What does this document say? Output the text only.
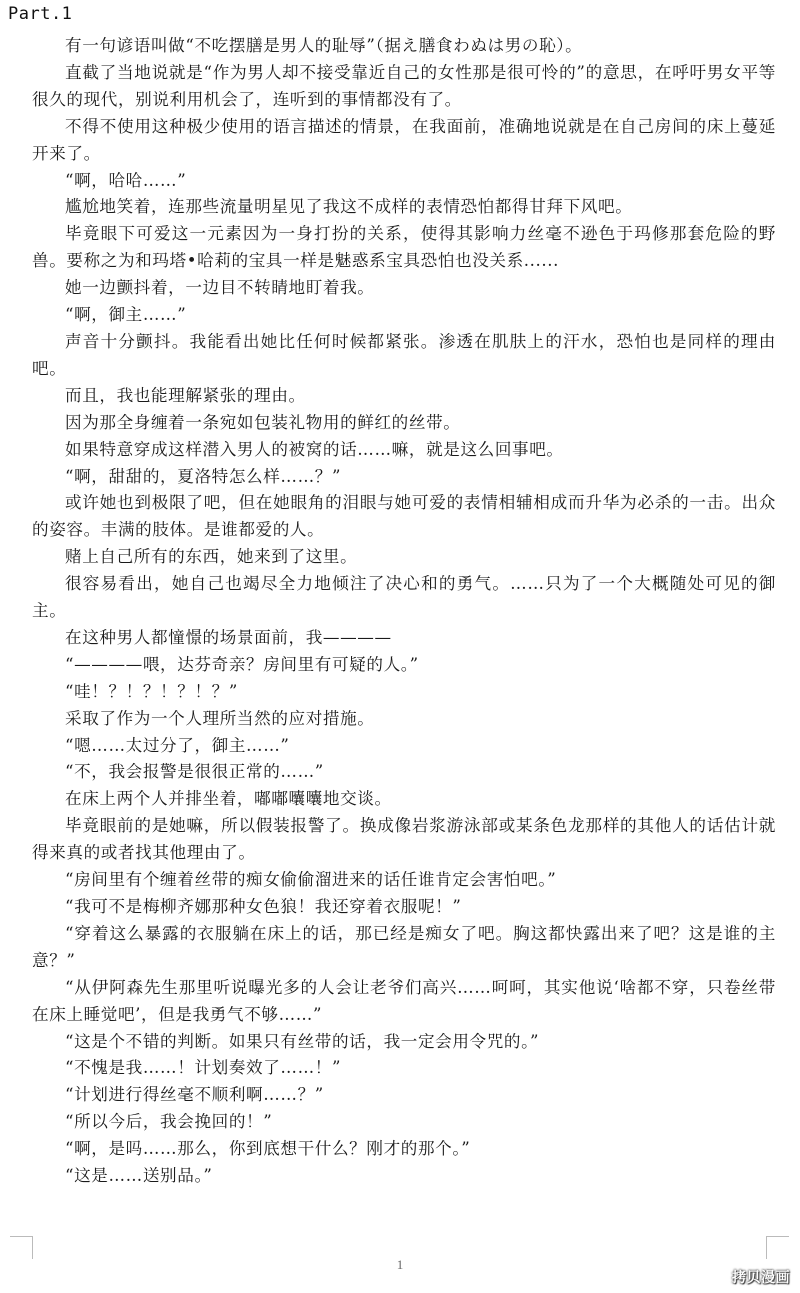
Part.1

有一句谚语叫做“不吃摆膳是男人的耻辱”（据え膳食わぬは男の恥）。

直截了当地说就是“作为男人却不接受靠近自己的女性那是很可怜的”的意思，在呼吁男女平等很久的现代，别说利用机会了，连听到的事情都没有了。

不得不使用这种极少使用的语言描述的情景，在我面前，准确地说就是在自己房间的床上蔓延开来了。

“啊，哈哈……”

尴尬地笑着，连那些流量明星见了我这不成样的表情恐怕都得甘拜下风吧。

毕竟眼下可爱这一元素因为一身打扮的关系，使得其影响力丝毫不逊色于玛修那套危险的野兽。要称之为和玛塔•哈莉的宝具一样是魅惑系宝具恐怕也没关系......

她一边颤抖着，一边目不转睛地盯着我。

“啊，御主……”

声音十分颤抖。我能看出她比任何时候都紧张。渗透在肌肤上的汗水，恐怕也是同样的理由吧。

而且，我也能理解紧张的理由。

因为那全身缠着一条宛如包装礼物用的鲜红的丝带。

如果特意穿成这样潜入男人的被窝的话……嘛，就是这么回事吧。

“啊，甜甜的，夏洛特怎么样……？”

或许她也到极限了吧，但在她眼角的泪眼与她可爱的表情相辅相成而升华为必杀的一击。出众的姿容。丰满的肢体。是谁都爱的人。

赌上自己所有的东西，她来到了这里。

很容易看出，她自己也竭尽全力地倾注了决心和的勇气。……只为了一个大概随处可见的御主。

在这种男人都憧憬的场景面前，我————

“————喂，达芬奇亲？房间里有可疑的人。”

“哇！？！？！？！？”

采取了作为一个人理所当然的应对措施。

“嗯……太过分了，御主……”

“不，我会报警是很很正常的……”

在床上两个人并排坐着，嘟嘟囔囔地交谈。

毕竟眼前的是她嘛，所以假装报警了。换成像岩浆游泳部或某条色龙那样的其他人的话估计就得来真的或者找其他理由了。

“房间里有个缠着丝带的痴女偷偷溜进来的话任谁肯定会害怕吧。”

“我可不是梅柳齐娜那种女色狼！我还穿着衣服呢！”

“穿着这么暴露的衣服躺在床上的话，那已经是痴女了吧。胸这都快露出来了吧？这是谁的主意？”

“从伊阿森先生那里听说曝光多的人会让老爷们高兴……呵呵，其实他说‘啥都不穿，只卷丝带在床上睡觉吧’，但是我勇气不够……”

“这是个不错的判断。如果只有丝带的话，我一定会用令咒的。”

“不愧是我……！计划奏效了……！”

“计划进行得丝毫不顺利啊……？”

“所以今后，我会挽回的！”

“啊，是吗……那么，你到底想干什么？刚才的那个。”

“这是……送别品。”

1
拷贝漫画
